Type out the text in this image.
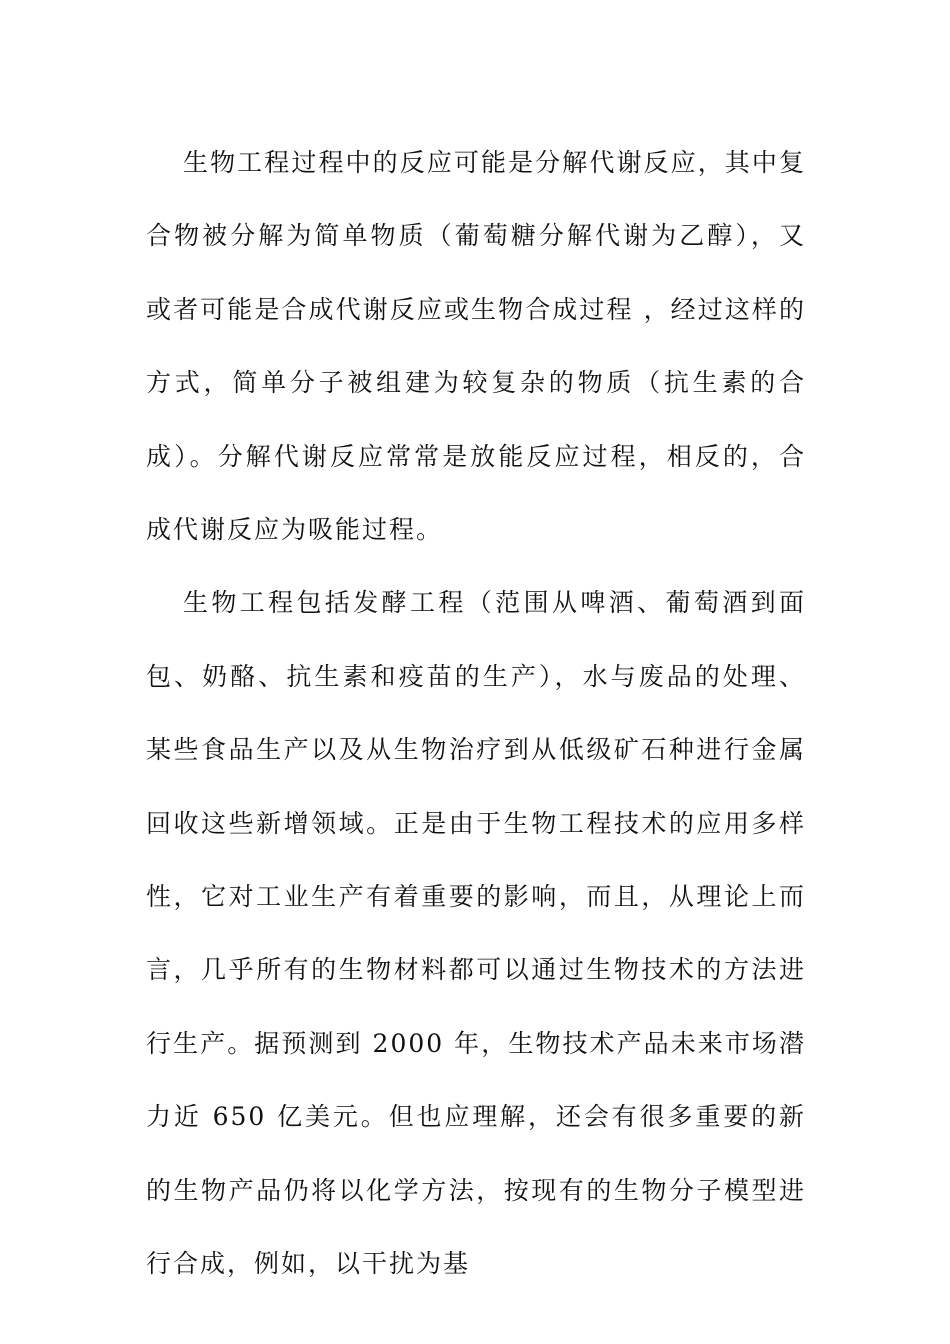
生物工程过程中的反应可能是分解代谢反应，其中复合物被分解为简单物质（葡萄糖分解代谢为乙醇），又或者可能是合成代谢反应或生物合成过程 ，经过这样的方式，简单分子被组建为较复杂的物质（抗生素的合成）。分解代谢反应常常是放能反应过程，相反的，合成代谢反应为吸能过程。

生物工程包括发酵工程（范围从啤酒、葡萄酒到面包、奶酪、抗生素和疫苗的生产），水与废品的处理、某些食品生产以及从生物治疗到从低级矿石种进行金属回收这些新增领域。正是由于生物工程技术的应用多样性，它对工业生产有着重要的影响，而且，从理论上而言，几乎所有的生物材料都可以通过生物技术的方法进行生产。据预测到 2000 年，生物技术产品未来市场潜力近 650 亿美元。但也应理解，还会有很多重要的新的生物产品仍将以化学方法，按现有的生物分子模型进行合成，例如，以干扰为基
